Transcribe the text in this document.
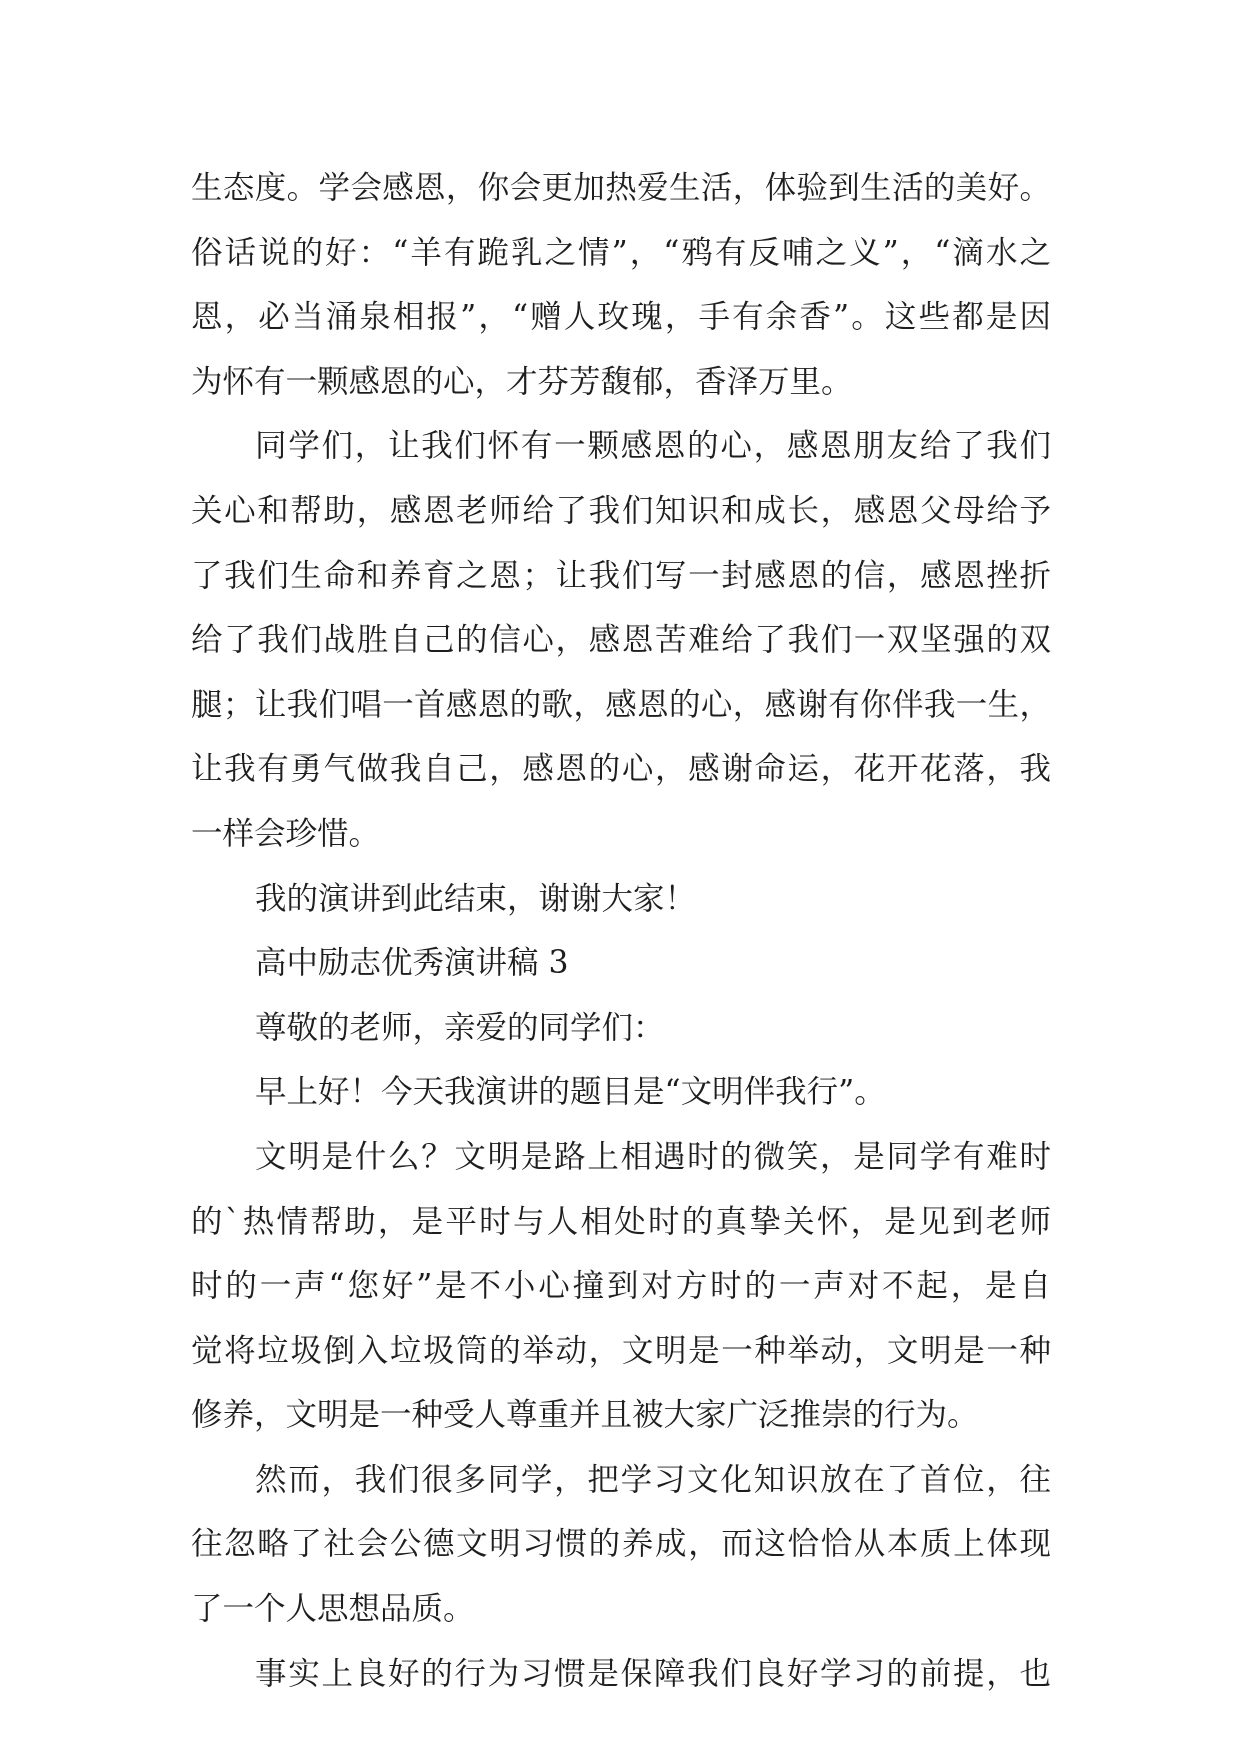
生态度。学会感恩，你会更加热爱生活，体验到生活的美好。
俗话说的好：“羊有跪乳之情”，“鸦有反哺之义”，“滴水之
恩，必当涌泉相报”，“赠人玫瑰，手有余香”。这些都是因
为怀有一颗感恩的心，才芬芳馥郁，香泽万里。
同学们，让我们怀有一颗感恩的心，感恩朋友给了我们
关心和帮助，感恩老师给了我们知识和成长，感恩父母给予
了我们生命和养育之恩；让我们写一封感恩的信，感恩挫折
给了我们战胜自己的信心，感恩苦难给了我们一双坚强的双
腿；让我们唱一首感恩的歌，感恩的心，感谢有你伴我一生，
让我有勇气做我自己，感恩的心，感谢命运，花开花落，我
一样会珍惜。
我的演讲到此结束，谢谢大家！
高中励志优秀演讲稿 3
尊敬的老师，亲爱的同学们：
早上好！今天我演讲的题目是“文明伴我行”。
文明是什么？文明是路上相遇时的微笑，是同学有难时
的`热情帮助，是平时与人相处时的真挚关怀，是见到老师
时的一声“您好”是不小心撞到对方时的一声对不起，是自
觉将垃圾倒入垃圾筒的举动，文明是一种举动，文明是一种
修养，文明是一种受人尊重并且被大家广泛推崇的行为。
然而，我们很多同学，把学习文化知识放在了首位，往
往忽略了社会公德文明习惯的养成，而这恰恰从本质上体现
了一个人思想品质。
事实上良好的行为习惯是保障我们良好学习的前提，也
